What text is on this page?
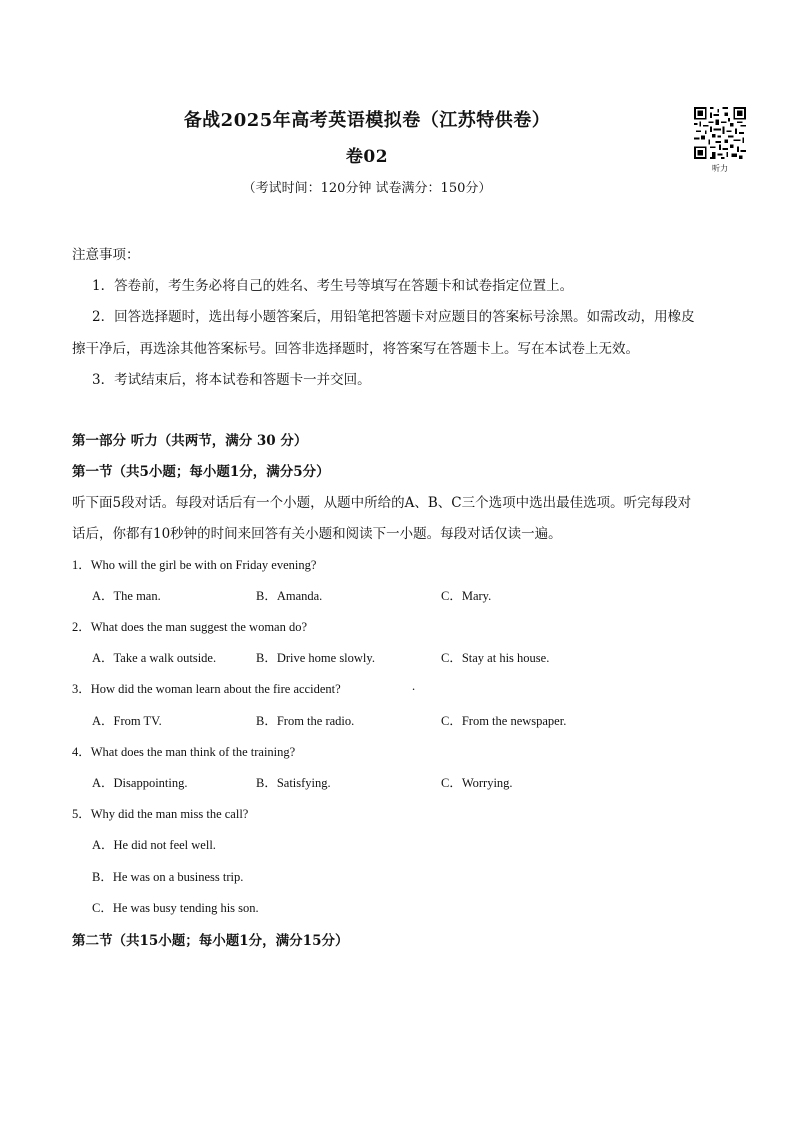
备战2025年高考英语模拟卷（江苏特供卷）
卷02
（考试时间：120分钟 试卷满分：150分）
听力
注意事项：
1．答卷前，考生务必将自己的姓名、考生号等填写在答题卡和试卷指定位置上。
2．回答选择题时，选出每小题答案后，用铅笔把答题卡对应题目的答案标号涂黑。如需改动，用橡皮
擦干净后，再选涂其他答案标号。回答非选择题时，将答案写在答题卡上。写在本试卷上无效。
3．考试结束后，将本试卷和答题卡一并交回。
第一部分 听力（共两节，满分 30 分）
第一节（共5小题；每小题1分，满分5分）
听下面5段对话。每段对话后有一个小题，从题中所给的A、B、C三个选项中选出最佳选项。听完每段对
话后，你都有10秒钟的时间来回答有关小题和阅读下一小题。每段对话仅读一遍。
1．Who will the girl be with on Friday evening?
A．The man.	B．Amanda.	C．Mary.
2．What does the man suggest the woman do?
A．Take a walk outside.	B．Drive home slowly.	C．Stay at his house.
3．How did the woman learn about the fire accident?	.
A．From TV.	B．From the radio.	C．From the newspaper.
4．What does the man think of the training?
A．Disappointing.	B．Satisfying.	C．Worrying.
5．Why did the man miss the call?
A．He did not feel well.
B．He was on a business trip.
C．He was busy tending his son.
第二节（共15小题；每小题1分，满分15分）
